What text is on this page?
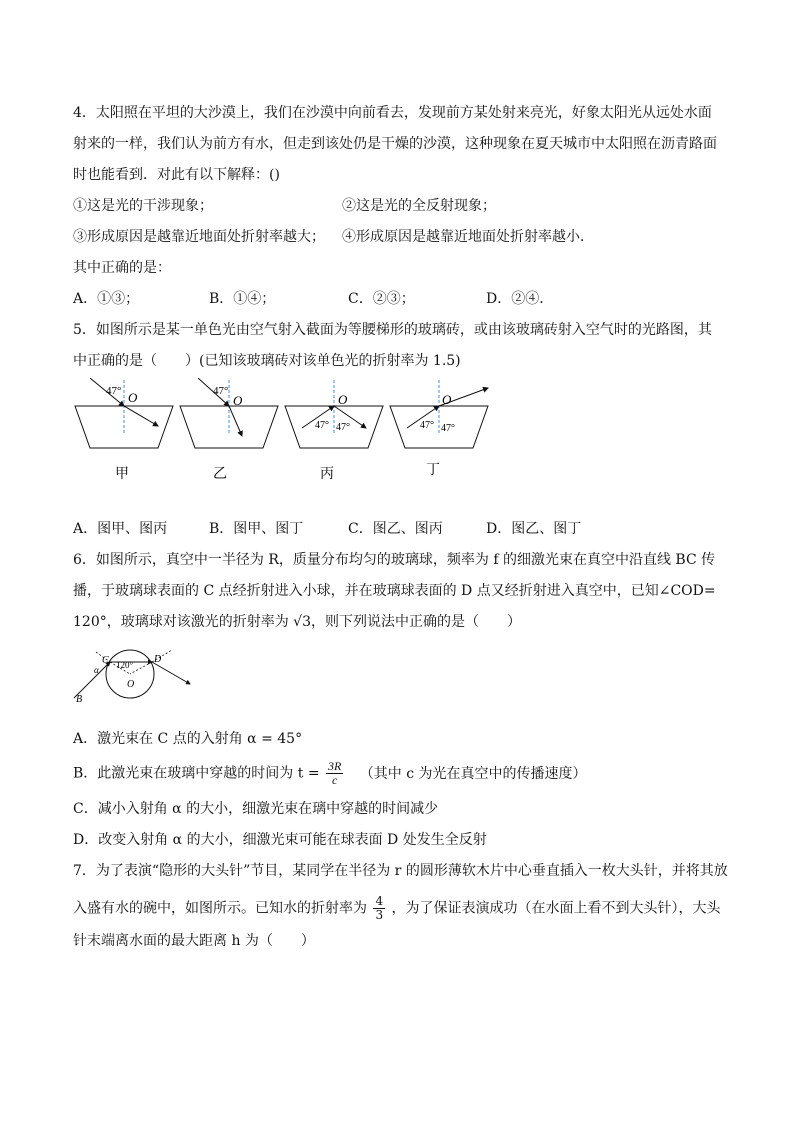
4．太阳照在平坦的大沙漠上，我们在沙漠中向前看去，发现前方某处射来亮光，好象太阳光从远处水面
射来的一样，我们认为前方有水，但走到该处仍是干燥的沙漠，这种现象在夏天城市中太阳照在沥青路面
时也能看到．对此有以下解释：()
①这是光的干涉现象；	②这是光的全反射现象；
③形成原因是越靠近地面处折射率越大； ④形成原因是越靠近地面处折射率越小．
其中正确的是：
A．①③；	B．①④；	C．②③；	D．②④．
5．如图所示是某一单色光由空气射入截面为等腰梯形的玻璃砖，或由该玻璃砖射入空气时的光路图，其
中正确的是（　　）(已知该玻璃砖对该单色光的折射率为 1.5)
47° O	47°
O	O
47° 47°
O
47° 47°
甲	乙	丙	丁
A．图甲、图丙	B．图甲、图丁	C．图乙、图丙	D．图乙、图丁
6．如图所示，真空中一半径为 R，质量分布均匀的玻璃球，频率为 f 的细激光束在真空中沿直线 BC 传
播，于玻璃球表面的 C 点经折射进入小球，并在玻璃球表面的 D 点又经折射进入真空中，已知∠COD=
120°，玻璃球对该激光的折射率为 √3，则下列说法中正确的是（　　）
C	D
O
B
α 120°
A．激光束在 C 点的入射角 α = 45°
B．此激光束在玻璃中穿越的时间为 $t = \frac{3R}{c}$ （其中 c 为光在真空中的传播速度）
C．减小入射角 α 的大小，细激光束在璃中穿越的时间减少
D．改变入射角 α 的大小，细激光束可能在球表面 D 处发生全反射
7．为了表演“隐形的大头针”节目，某同学在半径为 r 的圆形薄软木片中心垂直插入一枚大头针，并将其放
入盛有水的碗中，如图所示。已知水的折射率为 $\frac{4}{3}$ ，为了保证表演成功（在水面上看不到大头针），大头
针末端离水面的最大距离 h 为（　　）
